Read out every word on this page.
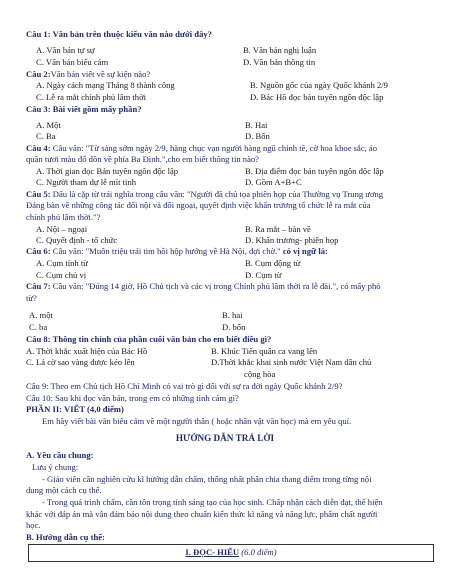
Câu 1: Văn bản trên thuộc kiểu văn nào dưới đây?
A. Văn bản tự sự	B. Văn bản nghị luận
C. Văn bản biểu cảm	D. Văn bản thông tin
Câu 2:Văn bản viết về sự kiện nào?
A. Ngày cách mạng Tháng 8 thành công	B. Nguồn gốc của ngày Quốc khánh 2/9
C. Lễ ra mắt chính phủ lâm thời	D. Bác Hồ đọc bản tuyên ngôn độc lập
Câu 3: Bài viết gồm mấy phần?
A. Một	B. Hai
C. Ba	D. Bốn
Câu 4: Câu văn: "Từ sáng sớm ngày 2/9, hàng chục vạn người hàng ngũ chỉnh tề, cờ hoa khoe sắc, áo
quần tươi màu đổ dồn về phía Ba Đình.",cho em biết thông tin nào?
A. Thời gian đọc Bản tuyên ngôn độc lập	B. Địa điểm đọc bản tuyên ngôn độc lập
C. Người tham dự lễ mít tinh	D. Gồm A+B+C
Câu 5: Dấu là cặp từ trái nghĩa trong câu văn: "Người đã chủ tọa phiên họp của Thường vụ Trung ương
Đảng bàn về những công tác đối nội và đối ngoại, quyết định việc khẩn trương tổ chức lễ ra mắt của
chính phủ lâm thời."?
A. Nội – ngoại	B. Ra mắt – bàn về
C. Quyết định - tổ chức	D. Khẩn trương- phiên họp
Câu 6: Câu văn: "Muôn triệu trái tim hồi hộp hướng về Hà Nội, đợi chờ." có vị ngữ là:
A. Cụm tính từ	B. Cụm động từ
C. Cụm chủ vị	D. Cụm từ
Câu 7: Câu văn: "Đúng 14 giờ, Hồ Chủ tịch và các vị trong Chính phủ lâm thời ra lễ đài.", có mấy phó
từ?
A. một	B. hai
C. ba	D. bốn
Câu 8: Thông tin chính của phần cuối văn bản cho em biết điều gì?
A. Thời khắc xuất hiện của Bác Hồ	B. Khúc Tiến quân ca vang lên
C. Lá cờ sao vàng được kéo lên	D.Thời khắc khai sinh nước Việt Nam dân chủ
cộng hòa
Câu 9: Theo em Chủ tịch Hồ Chí Minh có vai trò gì đối với sự ra đời ngày Quốc khánh 2/9?
Câu 10: Sau khi đọc văn bản, trong em có những tình cảm gì?
PHẦN II: VIẾT (4,0 điểm)
Em hãy viết bài văn biểu cảm về một người thân ( hoặc nhân vật văn học) mà em yêu quí.
HƯỚNG DẪN TRẢ LỜI
A. Yêu cầu chung:
Lưu ý chung:
- Giáo viên cần nghiên cứu kĩ hướng dẫn chấm, thống nhất phân chia thang điểm trong từng nội
dung một cách cụ thể.
- Trong quá trình chấm, cần tôn trọng tính sáng tạo của học sinh. Chấp nhận cách diễn đạt, thể hiện
khác với đáp án mà vẫn đảm bảo nội dung theo chuẩn kiến thức kĩ năng và năng lực, phẩm chất người
học.
B. Hướng dẫn cụ thể:
I. ĐỌC- HIỂU (6.0 điểm)
